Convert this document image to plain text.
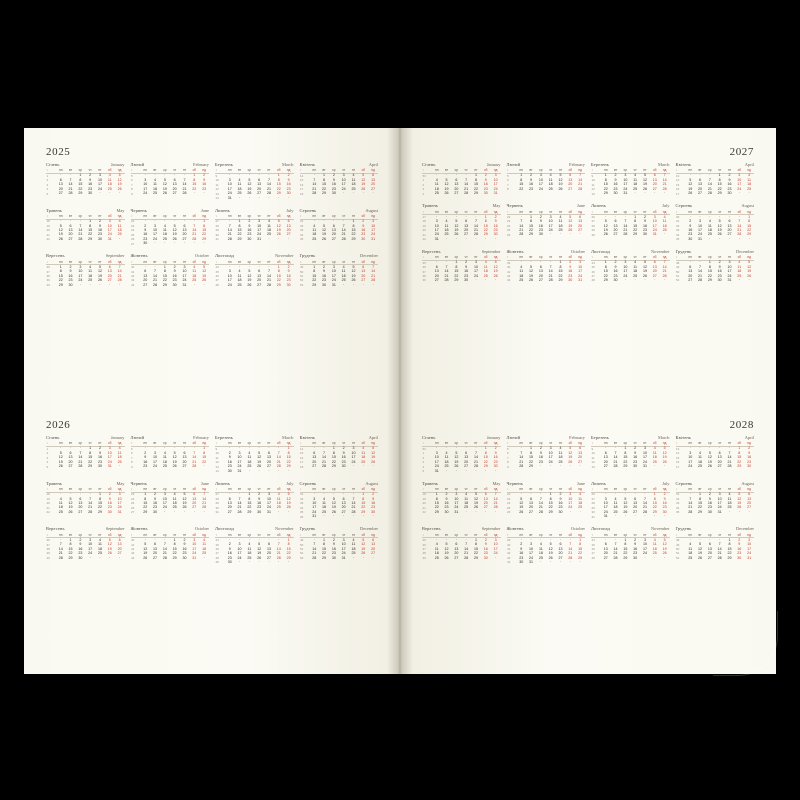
2025
Січень	January
т	пн	вт	ср	чт	пт	сб	нд
1	·	·	1	2	3	4	5
2	6	7	8	9	10	11	12
3	13	14	15	16	17	18	19
4	20	21	22	23	24	25	26
5	27	28	29	30	·	·	·
Лютий	February
т	пн	вт	ср	чт	пт	сб	нд
5	·	·	·	·	·	1	2
6	3	4	5	6	7	8	9
7	10	11	12	13	14	15	16
8	17	18	19	20	21	22	23
9	24	25	26	27	28	·	·
Березень	March
т	пн	вт	ср	чт	пт	сб	нд
9	·	·	·	·	·	1	2
10	3	4	5	6	7	8	9
11	10	11	12	13	14	15	16
12	17	18	19	20	21	22	23
13	24	25	26	27	28	29	30
14	31	·	·	·	·	·	·
Квітень	April
т	пн	вт	ср	чт	пт	сб	нд
14	·	1	2	3	4	5	6
15	7	8	9	10	11	12	13
16	14	15	16	17	18	19	20
17	21	22	23	24	25	26	27
18	28	29	30	·	·	·	·
Травень	May
т	пн	вт	ср	чт	пт	сб	нд
18	·	·	·	1	2	3	4
19	5	6	7	8	9	10	11
20	12	13	14	15	16	17	18
21	19	20	21	22	23	24	25
22	26	27	28	29	30	31	·
Червень	June
т	пн	вт	ср	чт	пт	сб	нд
22	·	·	·	·	·	·	1
23	2	3	4	5	6	7	8
24	9	10	11	12	13	14	15
25	16	17	18	19	20	21	22
26	23	24	25	26	27	28	29
27	30	·	·	·	·	·	·
Липень	July
т	пн	вт	ср	чт	пт	сб	нд
27	·	1	2	3	4	5	6
28	7	8	9	10	11	12	13
29	14	15	16	17	18	19	20
30	21	22	23	24	25	26	27
31	28	29	30	31	·	·	·
Серпень	August
т	пн	вт	ср	чт	пт	сб	нд
31	·	·	·	·	1	2	3
32	4	5	6	7	8	9	10
33	11	12	13	14	15	16	17
34	18	19	20	21	22	23	24
35	25	26	27	28	29	30	31
Вересень	September
т	пн	вт	ср	чт	пт	сб	нд
36	1	2	3	4	5	6	7
37	8	9	10	11	12	13	14
38	15	16	17	18	19	20	21
39	22	23	24	25	26	27	28
40	29	30	·	·	·	·	·
Жовтень	October
т	пн	вт	ср	чт	пт	сб	нд
40	·	·	1	2	3	4	5
41	6	7	8	9	10	11	12
42	13	14	15	16	17	18	19
43	20	21	22	23	24	25	26
44	27	28	29	30	31	·	·
Листопад	November
т	пн	вт	ср	чт	пт	сб	нд
44	·	·	·	·	·	1	2
45	3	4	5	6	7	8	9
46	10	11	12	13	14	15	16
47	17	18	19	20	21	22	23
48	24	25	26	27	28	29	30
Грудень	December
т	пн	вт	ср	чт	пт	сб	нд
49	1	2	3	4	5	6	7
50	8	9	10	11	12	13	14
51	15	16	17	18	19	20	21
52	22	23	24	25	26	27	28
53	29	30	31	·	·	·	·
2026
Січень	January
т	пн	вт	ср	чт	пт	сб	нд
1	·	·	·	1	2	3	4
2	5	6	7	8	9	10	11
3	12	13	14	15	16	17	18
4	19	20	21	22	23	24	25
5	26	27	28	29	30	31	·
Лютий	February
т	пн	вт	ср	чт	пт	сб	нд
5	·	·	·	·	·	·	1
6	2	3	4	5	6	7	8
7	9	10	11	12	13	14	15
8	16	17	18	19	20	21	22
9	23	24	25	26	27	28	·
Березень	March
т	пн	вт	ср	чт	пт	сб	нд
9	·	·	·	·	·	·	1
10	2	3	4	5	6	7	8
11	9	10	11	12	13	14	15
12	16	17	18	19	20	21	22
13	23	24	25	26	27	28	29
14	30	31	·	·	·	·	·
Квітень	April
т	пн	вт	ср	чт	пт	сб	нд
14	·	·	1	2	3	4	5
15	6	7	8	9	10	11	12
16	13	14	15	16	17	18	19
17	20	21	22	23	24	25	26
18	27	28	29	30	·	·	·
Травень	May
т	пн	вт	ср	чт	пт	сб	нд
18	·	·	·	·	1	2	3
19	4	5	6	7	8	9	10
20	11	12	13	14	15	16	17
21	18	19	20	21	22	23	24
22	25	26	27	28	29	30	31
Червень	June
т	пн	вт	ср	чт	пт	сб	нд
23	1	2	3	4	5	6	7
24	8	9	10	11	12	13	14
25	15	16	17	18	19	20	21
26	22	23	24	25	26	27	28
27	29	30	·	·	·	·	·
Липень	July
т	пн	вт	ср	чт	пт	сб	нд
27	·	·	1	2	3	4	5
28	6	7	8	9	10	11	12
29	13	14	15	16	17	18	19
30	20	21	22	23	24	25	26
31	27	28	29	30	31	·	·
Серпень	August
т	пн	вт	ср	чт	пт	сб	нд
31	·	·	·	·	·	1	2
32	3	4	5	6	7	8	9
33	10	11	12	13	14	15	16
34	17	18	19	20	21	22	23
35	24	25	26	27	28	29	30
36	31	·	·	·	·	·	·
Вересень	September
т	пн	вт	ср	чт	пт	сб	нд
36	·	1	2	3	4	5	6
37	7	8	9	10	11	12	13
38	14	15	16	17	18	19	20
39	21	22	23	24	25	26	27
40	28	29	30	·	·	·	·
Жовтень	October
т	пн	вт	ср	чт	пт	сб	нд
40	·	·	·	1	2	3	4
41	5	6	7	8	9	10	11
42	12	13	14	15	16	17	18
43	19	20	21	22	23	24	25
44	26	27	28	29	30	31	·
Листопад	November
т	пн	вт	ср	чт	пт	сб	нд
44	·	·	·	·	·	·	1
45	2	3	4	5	6	7	8
46	9	10	11	12	13	14	15
47	16	17	18	19	20	21	22
48	23	24	25	26	27	28	29
49	30	·	·	·	·	·	·
Грудень	December
т	пн	вт	ср	чт	пт	сб	нд
49	·	1	2	3	4	5	6
50	7	8	9	10	11	12	13
51	14	15	16	17	18	19	20
52	21	22	23	24	25	26	27
53	28	29	30	31	·	·	·
2027
Січень	January
т	пн	вт	ср	чт	пт	сб	нд
53	·	·	·	·	1	2	3
1	4	5	6	7	8	9	10
2	11	12	13	14	15	16	17
3	18	19	20	21	22	23	24
4	25	26	27	28	29	30	31
Лютий	February
т	пн	вт	ср	чт	пт	сб	нд
5	1	2	3	4	5	6	7
6	8	9	10	11	12	13	14
7	15	16	17	18	19	20	21
8	22	23	24	25	26	27	28
Березень	March
т	пн	вт	ср	чт	пт	сб	нд
9	1	2	3	4	5	6	7
10	8	9	10	11	12	13	14
11	15	16	17	18	19	20	21
12	22	23	24	25	26	27	28
13	29	30	31	·	·	·	·
Квітень	April
т	пн	вт	ср	чт	пт	сб	нд
13	·	·	·	1	2	3	4
14	5	6	7	8	9	10	11
15	12	13	14	15	16	17	18
16	19	20	21	22	23	24	25
17	26	27	28	29	30	·	·
Травень	May
т	пн	вт	ср	чт	пт	сб	нд
17	·	·	·	·	·	1	2
18	3	4	5	6	7	8	9
19	10	11	12	13	14	15	16
20	17	18	19	20	21	22	23
21	24	25	26	27	28	29	30
22	31	·	·	·	·	·	·
Червень	June
т	пн	вт	ср	чт	пт	сб	нд
22	·	1	2	3	4	5	6
23	7	8	9	10	11	12	13
24	14	15	16	17	18	19	20
25	21	22	23	24	25	26	27
26	28	29	30	·	·	·	·
Липень	July
т	пн	вт	ср	чт	пт	сб	нд
26	·	·	·	1	2	3	4
27	5	6	7	8	9	10	11
28	12	13	14	15	16	17	18
29	19	20	21	22	23	24	25
30	26	27	28	29	30	31	·
Серпень	August
т	пн	вт	ср	чт	пт	сб	нд
30	·	·	·	·	·	·	1
31	2	3	4	5	6	7	8
32	9	10	11	12	13	14	15
33	16	17	18	19	20	21	22
34	23	24	25	26	27	28	29
35	30	31	·	·	·	·	·
Вересень	September
т	пн	вт	ср	чт	пт	сб	нд
35	·	·	1	2	3	4	5
36	6	7	8	9	10	11	12
37	13	14	15	16	17	18	19
38	20	21	22	23	24	25	26
39	27	28	29	30	·	·	·
Жовтень	October
т	пн	вт	ср	чт	пт	сб	нд
39	·	·	·	·	1	2	3
40	4	5	6	7	8	9	10
41	11	12	13	14	15	16	17
42	18	19	20	21	22	23	24
43	25	26	27	28	29	30	31
Листопад	November
т	пн	вт	ср	чт	пт	сб	нд
44	1	2	3	4	5	6	7
45	8	9	10	11	12	13	14
46	15	16	17	18	19	20	21
47	22	23	24	25	26	27	28
48	29	30	·	·	·	·	·
Грудень	December
т	пн	вт	ср	чт	пт	сб	нд
48	·	·	1	2	3	4	5
49	6	7	8	9	10	11	12
50	13	14	15	16	17	18	19
51	20	21	22	23	24	25	26
52	27	28	29	30	31	·	·
2028
Січень	January
т	пн	вт	ср	чт	пт	сб	нд
52	·	·	·	·	·	1	2
1	3	4	5	6	7	8	9
2	10	11	12	13	14	15	16
3	17	18	19	20	21	22	23
4	24	25	26	27	28	29	30
5	31	·	·	·	·	·	·
Лютий	February
т	пн	вт	ср	чт	пт	сб	нд
5	·	1	2	3	4	5	6
6	7	8	9	10	11	12	13
7	14	15	16	17	18	19	20
8	21	22	23	24	25	26	27
9	28	29	·	·	·	·	·
Березень	March
т	пн	вт	ср	чт	пт	сб	нд
9	·	·	1	2	3	4	5
10	6	7	8	9	10	11	12
11	13	14	15	16	17	18	19
12	20	21	22	23	24	25	26
13	27	28	29	30	31	·	·
Квітень	April
т	пн	вт	ср	чт	пт	сб	нд
13	·	·	·	·	·	1	2
14	3	4	5	6	7	8	9
15	10	11	12	13	14	15	16
16	17	18	19	20	21	22	23
17	24	25	26	27	28	29	30
Травень	May
т	пн	вт	ср	чт	пт	сб	нд
18	1	2	3	4	5	6	7
19	8	9	10	11	12	13	14
20	15	16	17	18	19	20	21
21	22	23	24	25	26	27	28
22	29	30	31	·	·	·	·
Червень	June
т	пн	вт	ср	чт	пт	сб	нд
22	·	·	·	1	2	3	4
23	5	6	7	8	9	10	11
24	12	13	14	15	16	17	18
25	19	20	21	22	23	24	25
26	26	27	28	29	30	·	·
Липень	July
т	пн	вт	ср	чт	пт	сб	нд
26	·	·	·	·	·	1	2
27	3	4	5	6	7	8	9
28	10	11	12	13	14	15	16
29	17	18	19	20	21	22	23
30	24	25	26	27	28	29	30
31	31	·	·	·	·	·	·
Серпень	August
т	пн	вт	ср	чт	пт	сб	нд
31	·	1	2	3	4	5	6
32	7	8	9	10	11	12	13
33	14	15	16	17	18	19	20
34	21	22	23	24	25	26	27
35	28	29	30	31	·	·	·
Вересень	September
т	пн	вт	ср	чт	пт	сб	нд
35	·	·	·	·	1	2	3
36	4	5	6	7	8	9	10
37	11	12	13	14	15	16	17
38	18	19	20	21	22	23	24
39	25	26	27	28	29	30	·
Жовтень	October
т	пн	вт	ср	чт	пт	сб	нд
39	·	·	·	·	·	·	1
40	2	3	4	5	6	7	8
41	9	10	11	12	13	14	15
42	16	17	18	19	20	21	22
43	23	24	25	26	27	28	29
44	30	31	·	·	·	·	·
Листопад	November
т	пн	вт	ср	чт	пт	сб	нд
44	·	·	1	2	3	4	5
45	6	7	8	9	10	11	12
46	13	14	15	16	17	18	19
47	20	21	22	23	24	25	26
48	27	28	29	30	·	·	·
Грудень	December
т	пн	вт	ср	чт	пт	сб	нд
48	·	·	·	·	1	2	3
49	4	5	6	7	8	9	10
50	11	12	13	14	15	16	17
51	18	19	20	21	22	23	24
52	25	26	27	28	29	30	31
